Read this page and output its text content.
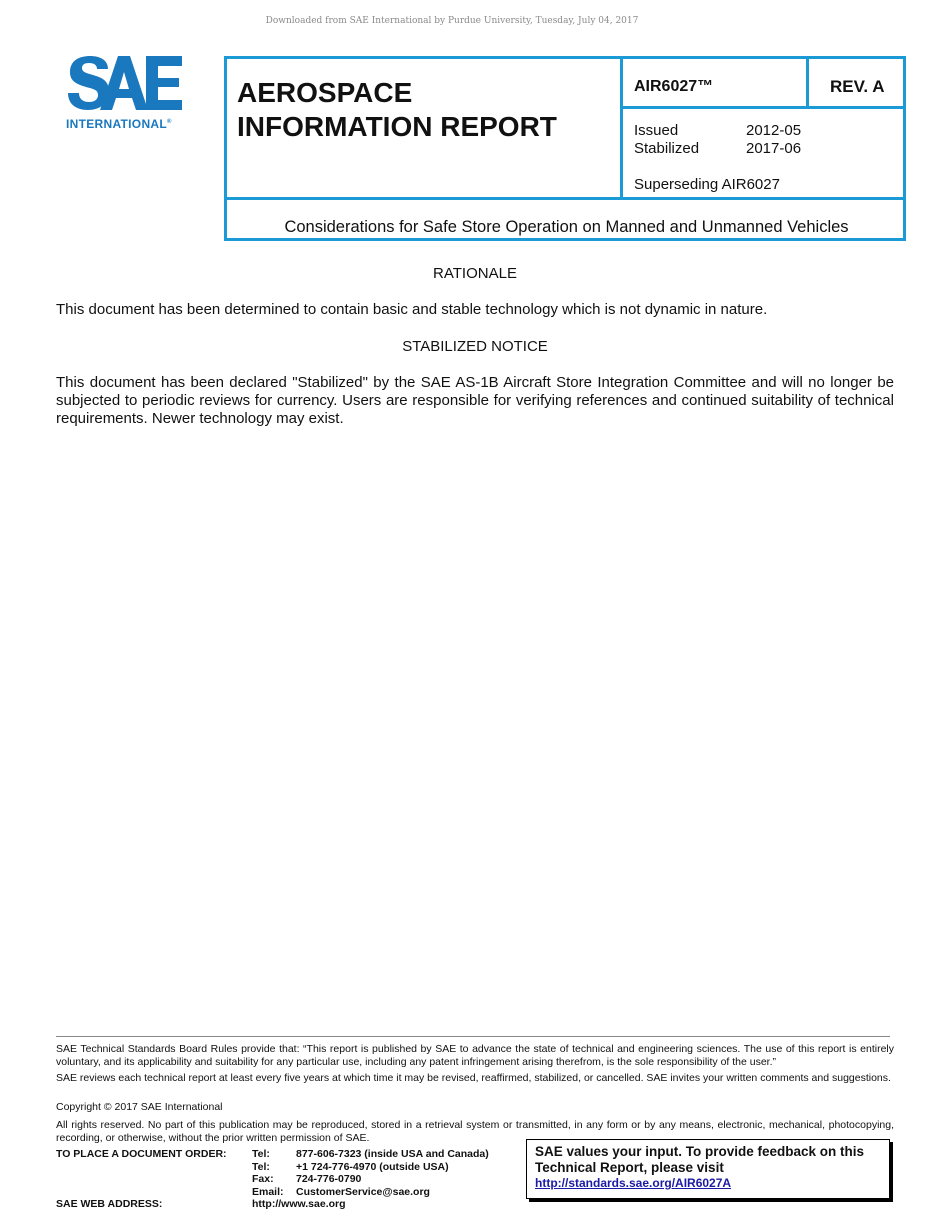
Downloaded from SAE International by Purdue University, Tuesday, July 04, 2017
INTERNATIONAL®
AEROSPACE
INFORMATION REPORT
AIR6027™	REV. A
Issued	2012-05
Stabilized	2017-06
Superseding AIR6027
Considerations for Safe Store Operation on Manned and Unmanned Vehicles
RATIONALE
This document has been determined to contain basic and stable technology which is not dynamic in nature.
STABILIZED NOTICE
This document has been declared "Stabilized" by the SAE AS-1B Aircraft Store Integration Committee and will no longer be subjected to periodic reviews for currency. Users are responsible for verifying references and continued suitability of technical requirements. Newer technology may exist.
SAE Technical Standards Board Rules provide that: “This report is published by SAE to advance the state of technical and engineering sciences. The use of this report is entirely voluntary, and its applicability and suitability for any particular use, including any patent infringement arising therefrom, is the sole responsibility of the user.”
SAE reviews each technical report at least every five years at which time it may be revised, reaffirmed, stabilized, or cancelled. SAE invites your written comments and suggestions.
Copyright © 2017 SAE International
All rights reserved. No part of this publication may be reproduced, stored in a retrieval system or transmitted, in any form or by any means, electronic, mechanical, photocopying, recording, or otherwise, without the prior written permission of SAE.
TO PLACE A DOCUMENT ORDER: Tel: 877-606-7323 (inside USA and Canada)
Tel: +1 724-776-4970 (outside USA)
Fax: 724-776-0790
Email: CustomerService@sae.org
SAE WEB ADDRESS:	http://www.sae.org
SAE values your input. To provide feedback on this Technical Report, please visit
http://standards.sae.org/AIR6027A
